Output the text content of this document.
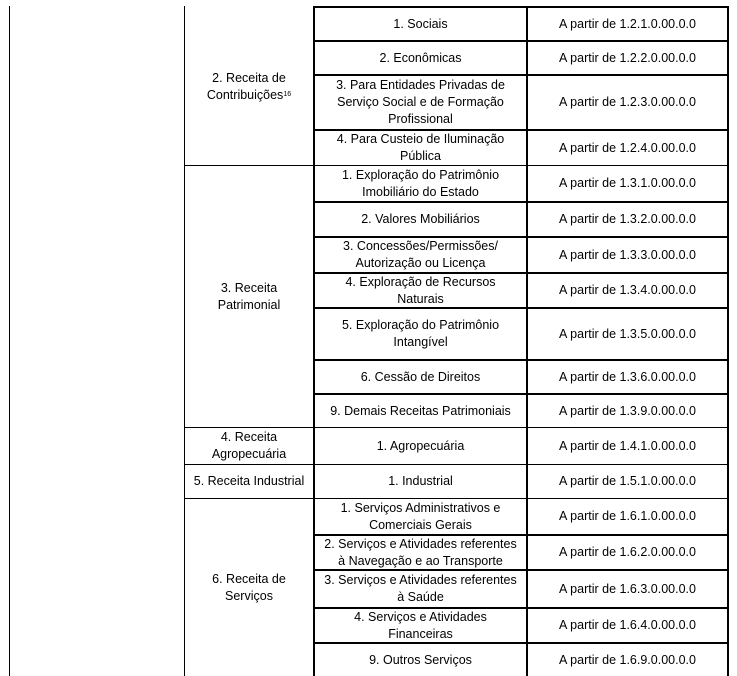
2. Receita de Contribuições$^{16}$
3. Receita
Patrimonial
4. Receita
Agropecuária
5. Receita Industrial
6. Receita de
Serviços
1. Sociais
2. Econômicas
3. Para Entidades Privadas de
Serviço Social e de Formação
Profissional
4. Para Custeio de Iluminação
Pública
1. Exploração do Patrimônio
Imobiliário do Estado
2. Valores Mobiliários
3. Concessões/Permissões/
Autorização ou Licença
4. Exploração de Recursos Naturais
5. Exploração do Patrimônio
Intangível
6. Cessão de Direitos
9. Demais Receitas Patrimoniais
1. Agropecuária
1. Industrial
1. Serviços Administrativos e
Comerciais Gerais
2. Serviços e Atividades referentes
à Navegação e ao Transporte
3. Serviços e Atividades referentes
à Saúde
4. Serviços e Atividades Financeiras
9. Outros Serviços
A partir de 1.2.1.0.00.0.0
A partir de 1.2.2.0.00.0.0
A partir de 1.2.3.0.00.0.0
A partir de 1.2.4.0.00.0.0
A partir de 1.3.1.0.00.0.0
A partir de 1.3.2.0.00.0.0
A partir de 1.3.3.0.00.0.0
A partir de 1.3.4.0.00.0.0
A partir de 1.3.5.0.00.0.0
A partir de 1.3.6.0.00.0.0
A partir de 1.3.9.0.00.0.0
A partir de 1.4.1.0.00.0.0
A partir de 1.5.1.0.00.0.0
A partir de 1.6.1.0.00.0.0
A partir de 1.6.2.0.00.0.0
A partir de 1.6.3.0.00.0.0
A partir de 1.6.4.0.00.0.0
A partir de 1.6.9.0.00.0.0
